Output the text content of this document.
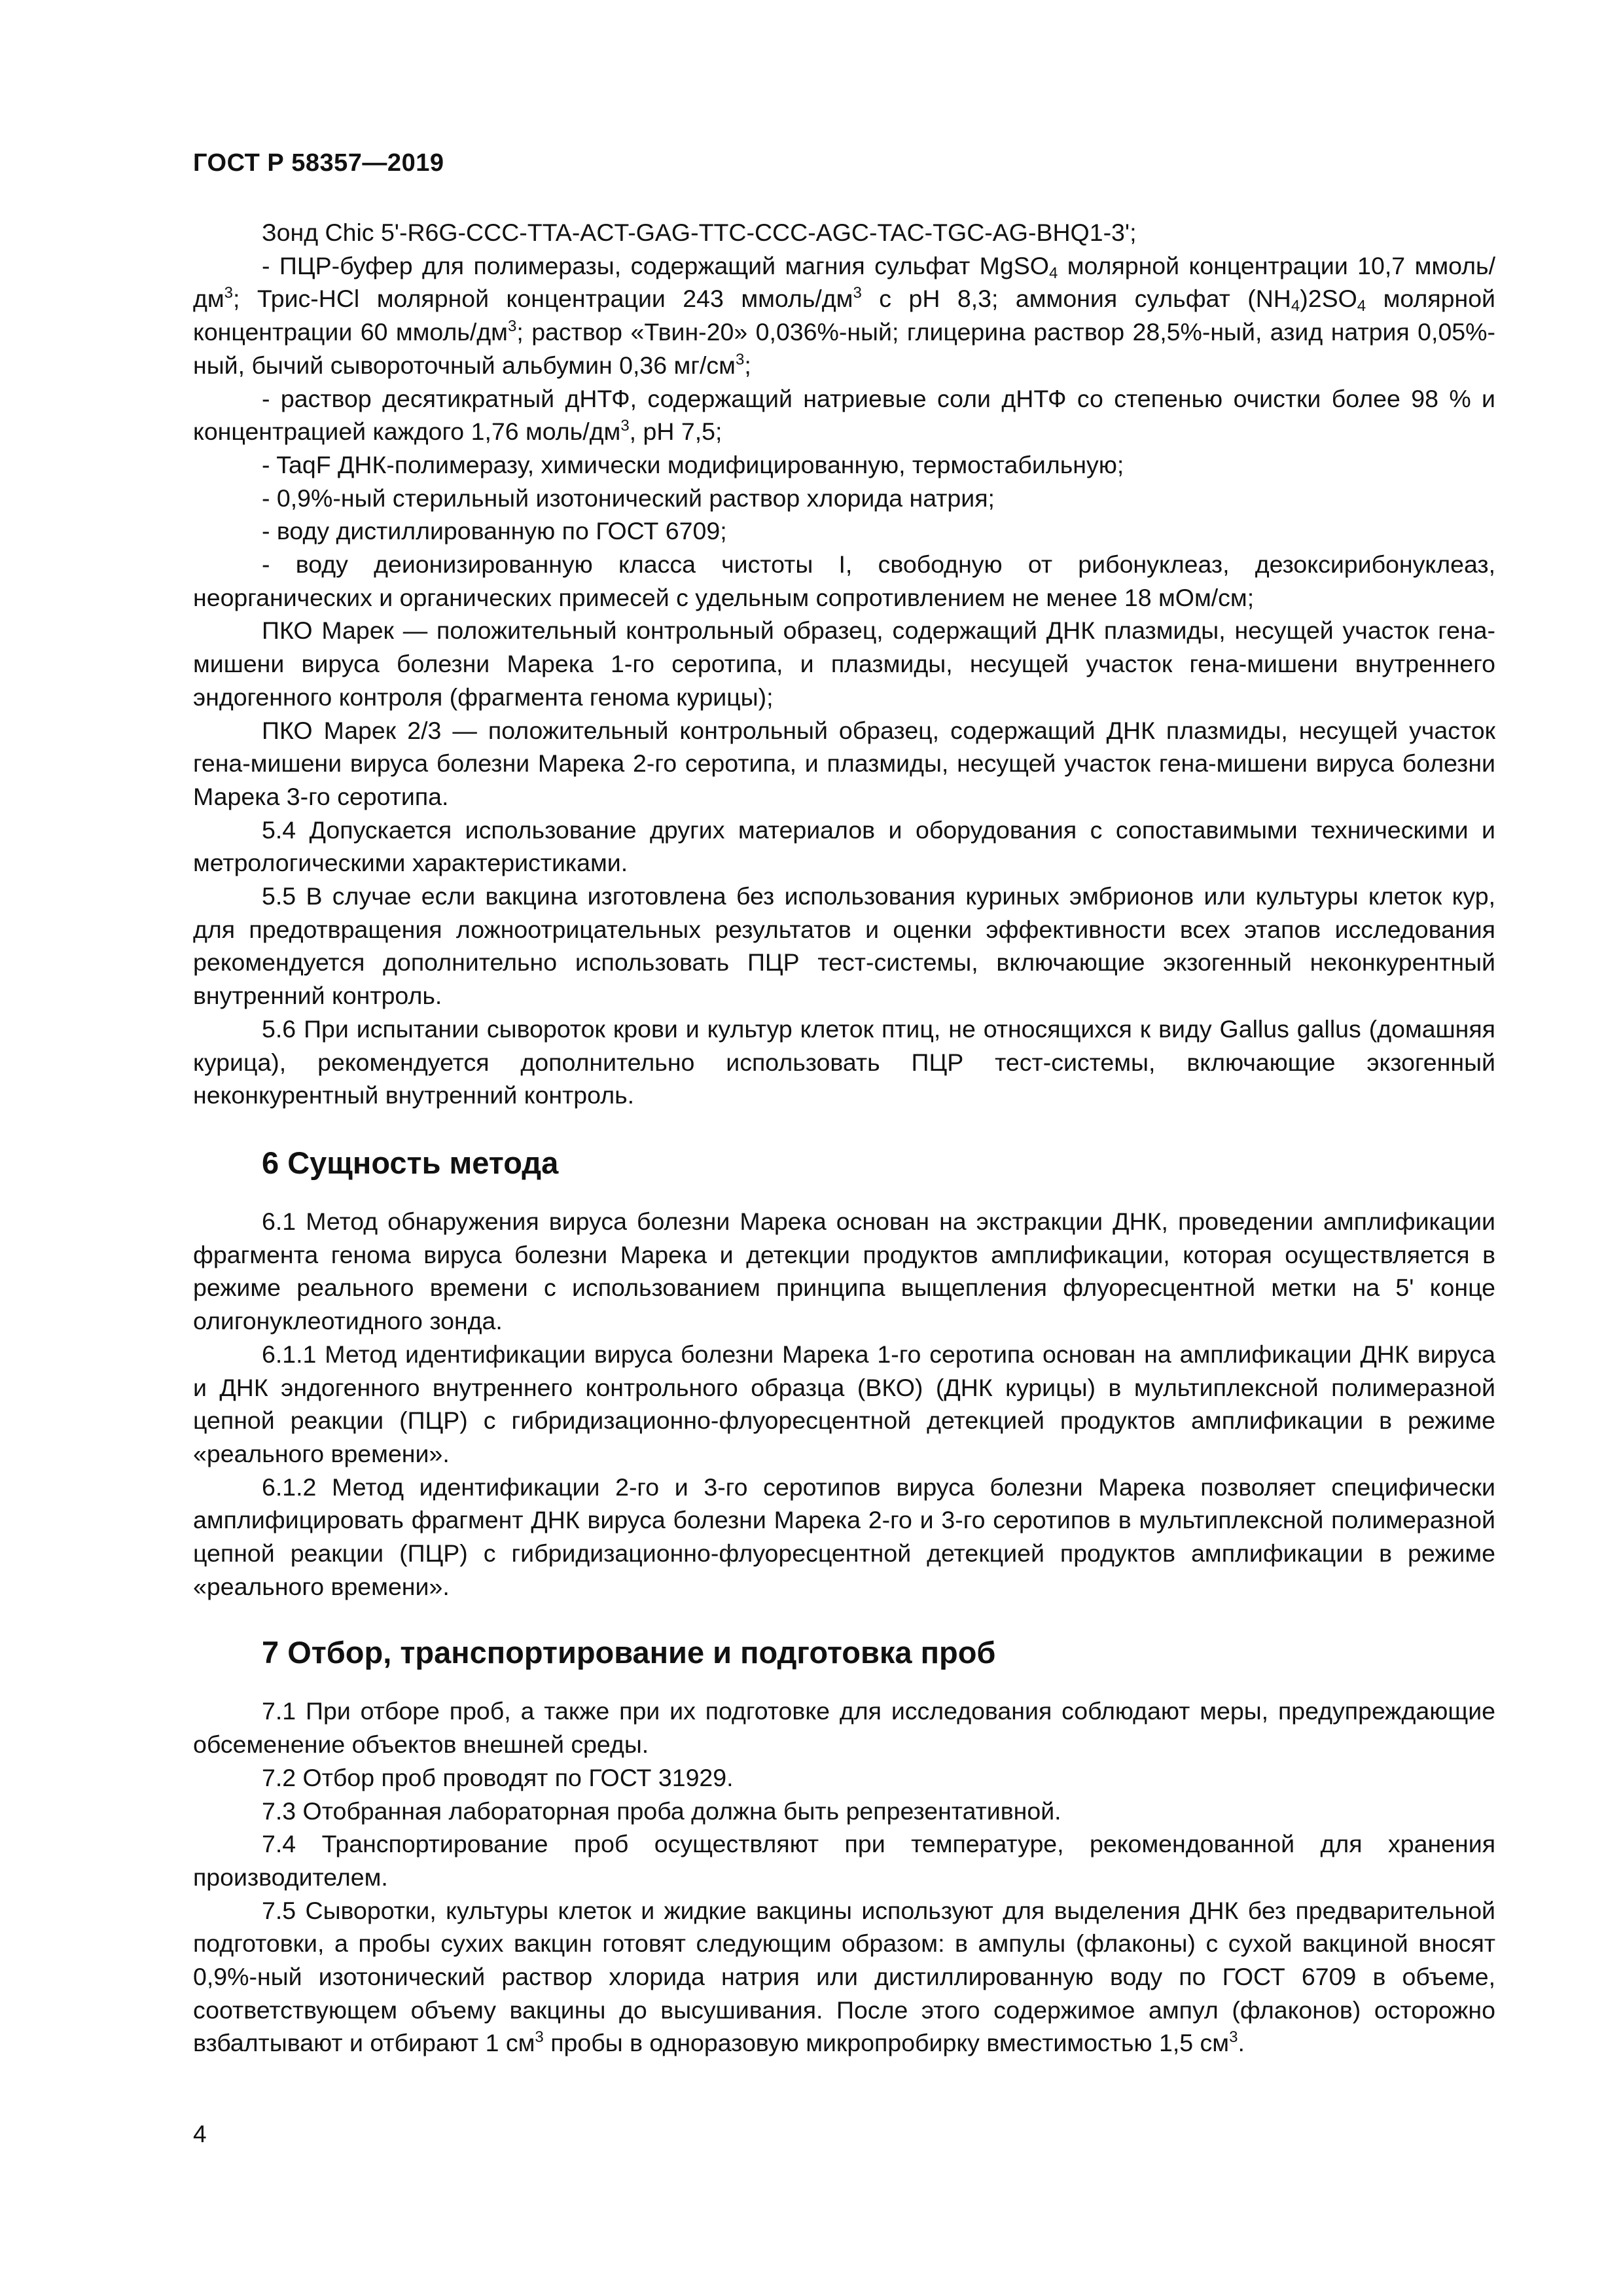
ГОСТ Р 58357—2019

Зонд Chic 5'-R6G-CCC-TTA-ACT-GAG-TTC-CCC-AGC-TAC-TGC-AG-BHQ1-3';

- ПЦР-буфер для полимеразы, содержащий магния сульфат MgSO$_4$ молярной концентрации 10,7 ммоль/$дм^3$; Трис-HCl молярной концентрации 243 ммоль/$дм^3$ с pH 8,3; аммония сульфат $(NH_4)2SO_4$ молярной концентрации 60 ммоль/$дм^3$; раствор «Твин-20» 0,036%-ный; глицерина раствор 28,5%-ный, азид натрия 0,05%-ный, бычий сывороточный альбумин 0,36 $мг/см^3$;

- раствор десятикратный дНТФ, содержащий натриевые соли дНТФ со степенью очистки более 98 % и концентрацией каждого 1,76 моль/$дм^3$, pH 7,5;

- TaqF ДНК-полимеразу, химически модифицированную, термостабильную;

- 0,9%-ный стерильный изотонический раствор хлорида натрия;

- воду дистиллированную по ГОСТ 6709;

- воду деионизированную класса чистоты I, свободную от рибонуклеаз, дезоксирибонуклеаз, неорганических и органических примесей с удельным сопротивлением не менее 18 мОм/см;

ПКО Марек — положительный контрольный образец, содержащий ДНК плазмиды, несущей участок гена-мишени вируса болезни Марека 1-го серотипа, и плазмиды, несущей участок гена-мишени внутреннего эндогенного контроля (фрагмента генома курицы);

ПКО Марек 2/3 — положительный контрольный образец, содержащий ДНК плазмиды, несущей участок гена-мишени вируса болезни Марека 2-го серотипа, и плазмиды, несущей участок гена-мишени вируса болезни Марека 3-го серотипа.

5.4 Допускается использование других материалов и оборудования с сопоставимыми техническими и метрологическими характеристиками.

5.5 В случае если вакцина изготовлена без использования куриных эмбрионов или культуры клеток кур, для предотвращения ложноотрицательных результатов и оценки эффективности всех этапов исследования рекомендуется дополнительно использовать ПЦР тест-системы, включающие экзогенный неконкурентный внутренний контроль.

5.6 При испытании сывороток крови и культур клеток птиц, не относящихся к виду Gallus gallus (домашняя курица), рекомендуется дополнительно использовать ПЦР тест-системы, включающие экзогенный неконкурентный внутренний контроль.

6 Сущность метода

6.1 Метод обнаружения вируса болезни Марека основан на экстракции ДНК, проведении амплификации фрагмента генома вируса болезни Марека и детекции продуктов амплификации, которая осуществляется в режиме реального времени с использованием принципа выщепления флуоресцентной метки на 5' конце олигонуклеотидного зонда.

6.1.1 Метод идентификации вируса болезни Марека 1-го серотипа основан на амплификации ДНК вируса и ДНК эндогенного внутреннего контрольного образца (ВКО) (ДНК курицы) в мультиплексной полимеразной цепной реакции (ПЦР) с гибридизационно-флуоресцентной детекцией продуктов амплификации в режиме «реального времени».

6.1.2 Метод идентификации 2-го и 3-го серотипов вируса болезни Марека позволяет специфически амплифицировать фрагмент ДНК вируса болезни Марека 2-го и 3-го серотипов в мультиплексной полимеразной цепной реакции (ПЦР) с гибридизационно-флуоресцентной детекцией продуктов амплификации в режиме «реального времени».

7 Отбор, транспортирование и подготовка проб

7.1 При отборе проб, а также при их подготовке для исследования соблюдают меры, предупреждающие обсеменение объектов внешней среды.

7.2 Отбор проб проводят по ГОСТ 31929.

7.3 Отобранная лабораторная проба должна быть репрезентативной.

7.4 Транспортирование проб осуществляют при температуре, рекомендованной для хранения производителем.

7.5 Сыворотки, культуры клеток и жидкие вакцины используют для выделения ДНК без предварительной подготовки, а пробы сухих вакцин готовят следующим образом: в ампулы (флаконы) с сухой вакциной вносят 0,9%-ный изотонический раствор хлорида натрия или дистиллированную воду по ГОСТ 6709 в объеме, соответствующем объему вакцины до высушивания. После этого содержимое ампул (флаконов) осторожно взбалтывают и отбирают 1 $см^3$ пробы в одноразовую микропробирку вместимостью 1,5 $см^3$.

4
